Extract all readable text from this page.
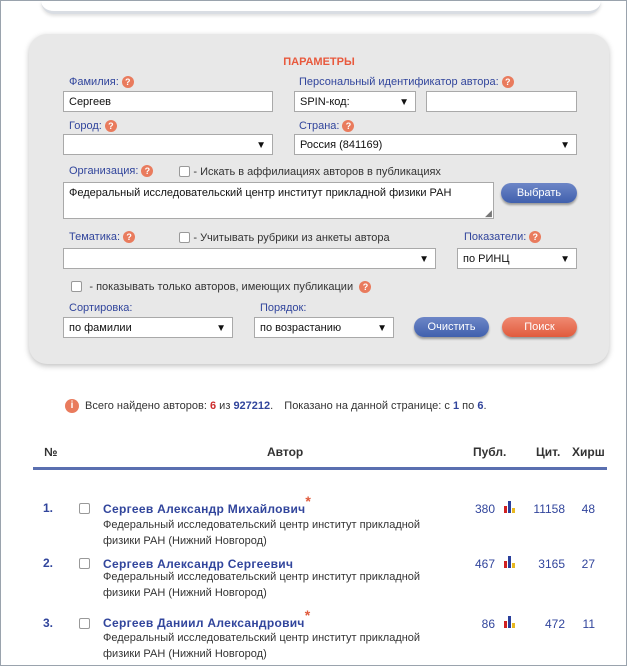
ПАРАМЕТРЫ
Фамилия: ?
Сергеев
Персональный идентификатор автора: ?
SPIN-код:	▼
Город: ?
▼
Страна: ?
Россия (841169)	▼
Организация: ?	- Искать в аффилиациях авторов в публикациях
Федеральный исследовательский центр институт прикладной физики РАН
◢
Выбрать
Тематика: ?	- Учитывать рубрики из анкеты автора
▼
Показатели: ?
по РИНЦ	▼
- показывать только авторов, имеющих публикации ?
Сортировка:
по фамилии	▼
Порядок:
по возрастанию	▼	Очистить	Поиск
i	Всего найдено авторов: 6 из 927212. Показано на данной странице: с 1 по 6.
№	Автор	Публ. Цит. Хирш
1.	Сергеев Александр Михайлович*
Федеральный исследовательский центр институт прикладной
физики РАН (Нижний Новгород)
380	11158	48
2.	Сергеев Александр Сергеевич
Федеральный исследовательский центр институт прикладной
физики РАН (Нижний Новгород)
467	3165	27
3.	Сергеев Даниил Александрович*
Федеральный исследовательский центр институт прикладной
физики РАН (Нижний Новгород)
86	472	11
